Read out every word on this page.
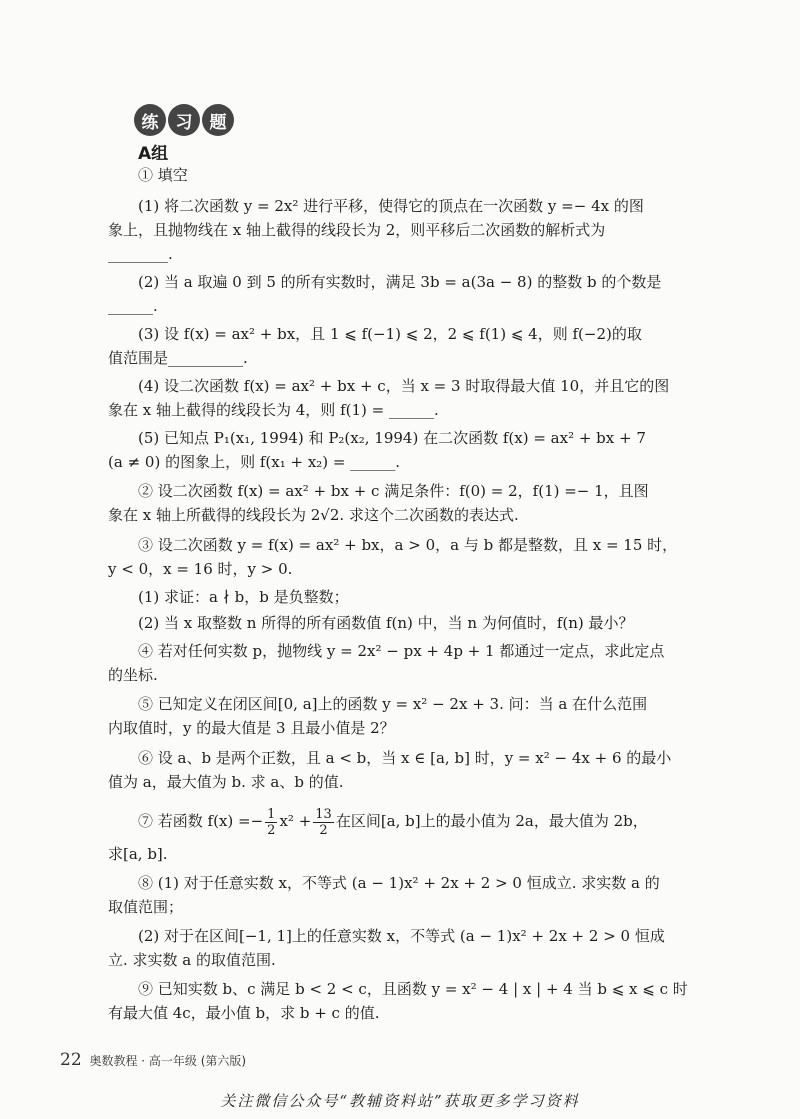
练	习	题
A组
① 填空
(1) 将二次函数 y = 2x² 进行平移，使得它的顶点在一次函数 y =− 4x 的图
象上，且抛物线在 x 轴上截得的线段长为 2，则平移后二次函数的解析式为
________.
(2) 当 a 取遍 0 到 5 的所有实数时，满足 3b = a(3a − 8) 的整数 b 的个数是
______.
(3) 设 f(x) = ax² + bx，且 1 ⩽ f(−1) ⩽ 2，2 ⩽ f(1) ⩽ 4，则 f(−2)的取
值范围是__________.
(4) 设二次函数 f(x) = ax² + bx + c，当 x = 3 时取得最大值 10，并且它的图
象在 x 轴上截得的线段长为 4，则 f(1) = ______.
(5) 已知点 P₁(x₁, 1994) 和 P₂(x₂, 1994) 在二次函数 f(x) = ax² + bx + 7
(a ≠ 0) 的图象上，则 f(x₁ + x₂) = ______.
② 设二次函数 f(x) = ax² + bx + c 满足条件：f(0) = 2，f(1) =− 1，且图
象在 x 轴上所截得的线段长为 2√2. 求这个二次函数的表达式.
③ 设二次函数 y = f(x) = ax² + bx，a > 0，a 与 b 都是整数，且 x = 15 时，
y < 0，x = 16 时，y > 0.
(1) 求证：a ∤ b，b 是负整数；
(2) 当 x 取整数 n 所得的所有函数值 f(n) 中，当 n 为何值时，f(n) 最小？
④ 若对任何实数 p，抛物线 y = 2x² − px + 4p + 1 都通过一定点，求此定点
的坐标.
⑤ 已知定义在闭区间[0, a]上的函数 y = x² − 2x + 3. 问：当 a 在什么范围
内取值时，y 的最大值是 3 且最小值是 2？
⑥ 设 a、b 是两个正数，且 a < b，当 x ∈ [a, b] 时，y = x² − 4x + 6 的最小
值为 a，最大值为 b. 求 a、b 的值.
⑦ 若函数 $f(x) =- \frac{1}{2} x^2 + \frac{13}{2}$ 在区间[a, b]上的最小值为 2a，最大值为 2b，
求[a, b].
⑧ (1) 对于任意实数 x，不等式 (a − 1)x² + 2x + 2 > 0 恒成立. 求实数 a 的
取值范围；
(2) 对于在区间[−1, 1]上的任意实数 x，不等式 (a − 1)x² + 2x + 2 > 0 恒成
立. 求实数 a 的取值范围.
⑨ 已知实数 b、c 满足 b < 2 < c，且函数 y = x² − 4 | x | + 4 当 b ⩽ x ⩽ c 时
有最大值 4c，最小值 b，求 b + c 的值.
22 奥数教程 · 高一年级 (第六版)
关注微信公众号“教辅资料站”获取更多学习资料
